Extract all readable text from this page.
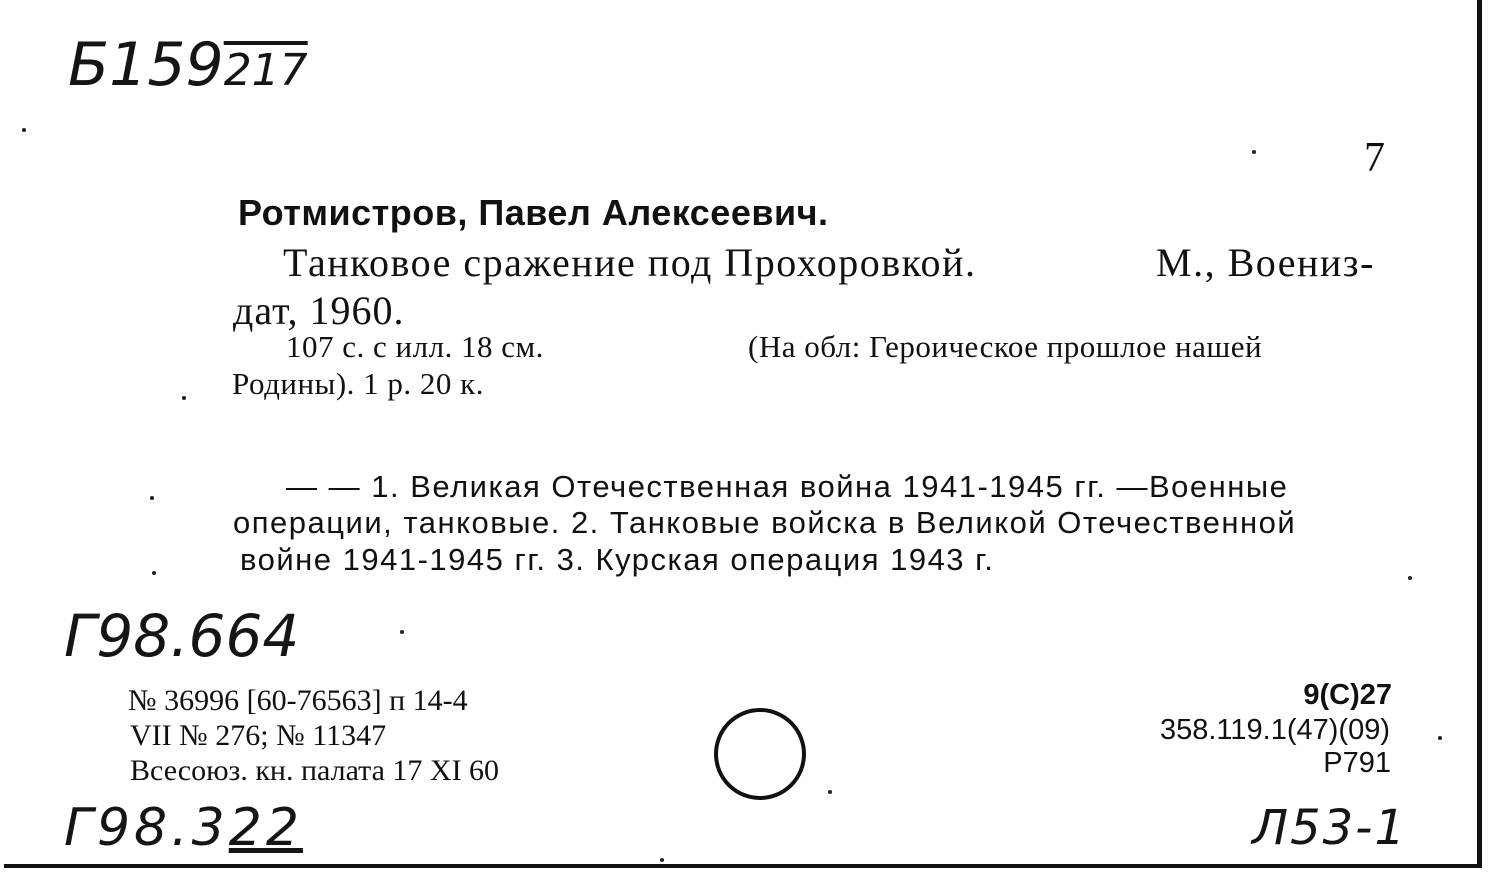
Б159217
7
Ротмистров, Павел Алексеевич.
Танковое сражение под Прохоровкой.	М., Воениз-
дат, 1960.
107 с. с илл. 18 см.	(На обл: Героическое прошлое нашей
Родины). 1 р. 20 к.
— — 1. Великая Отечественная война 1941-1945 гг. —Военные
операции, танковые. 2. Танковые войска в Великой Отечественной
войне 1941-1945 гг. 3. Курская операция 1943 г.
Г98.664
№ 36996 [60-76563] п 14-4
VII № 276; № 11347
Всесоюз. кн. палата 17 XI 60
9(С)27
358.119.1(47)(09)
Р791
Г98.322	Л53-1
